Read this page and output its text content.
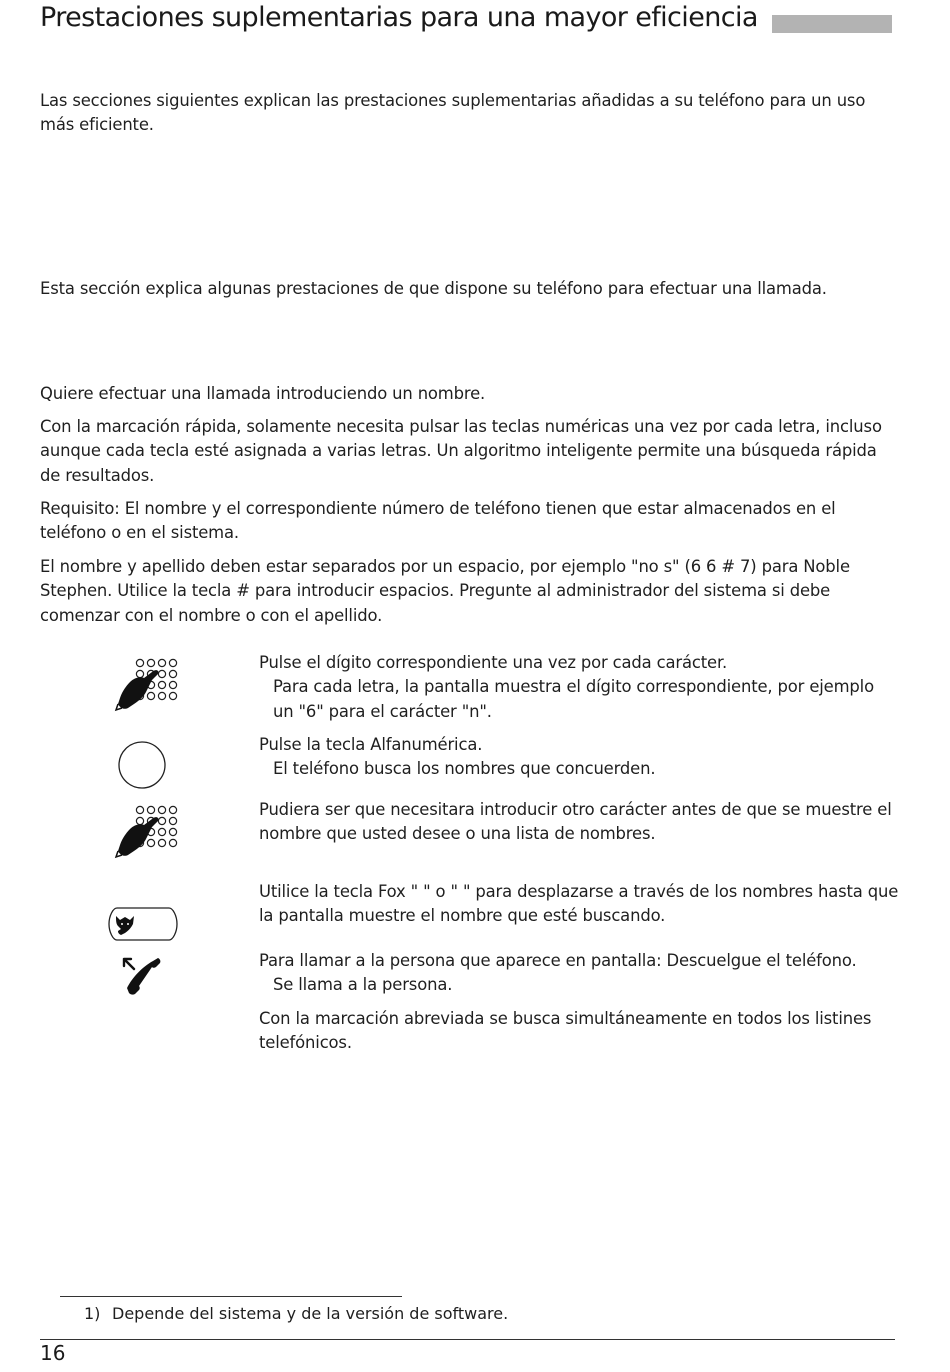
Prestaciones suplementarias para una mayor eficiencia

Las secciones siguientes explican las prestaciones suplementarias añadidas a su teléfono para un uso más eficiente.

Esta sección explica algunas prestaciones de que dispone su teléfono para efectuar una llamada.

Quiere efectuar una llamada introduciendo un nombre.

Con la marcación rápida, solamente necesita pulsar las teclas numéricas una vez por cada letra, incluso aunque cada tecla esté asignada a varias letras. Un algoritmo inteligente permite una búsqueda rápida de resultados.

Requisito: El nombre y el correspondiente número de teléfono tienen que estar almacenados en el teléfono o en el sistema.

El nombre y apellido deben estar separados por un espacio, por ejemplo "no s" (6 6 # 7) para Noble Stephen. Utilice la tecla # para introducir espacios. Pregunte al administrador del sistema si debe comenzar con el nombre o con el apellido.

Pulse el dígito correspondiente una vez por cada carácter.
Para cada letra, la pantalla muestra el dígito correspondiente, por ejemplo un "6" para el carácter "n".

Pulse la tecla Alfanumérica.
El teléfono busca los nombres que concuerden.

Pudiera ser que necesitara introducir otro carácter antes de que se muestre el nombre que usted desee o una lista de nombres.

Utilice la tecla Fox " " o " " para desplazarse a través de los nombres hasta que la pantalla muestre el nombre que esté buscando.

Para llamar a la persona que aparece en pantalla: Descuelgue el teléfono.
Se llama a la persona.

Con la marcación abreviada se busca simultáneamente en todos los listines telefónicos.

1) Depende del sistema y de la versión de software.
16
